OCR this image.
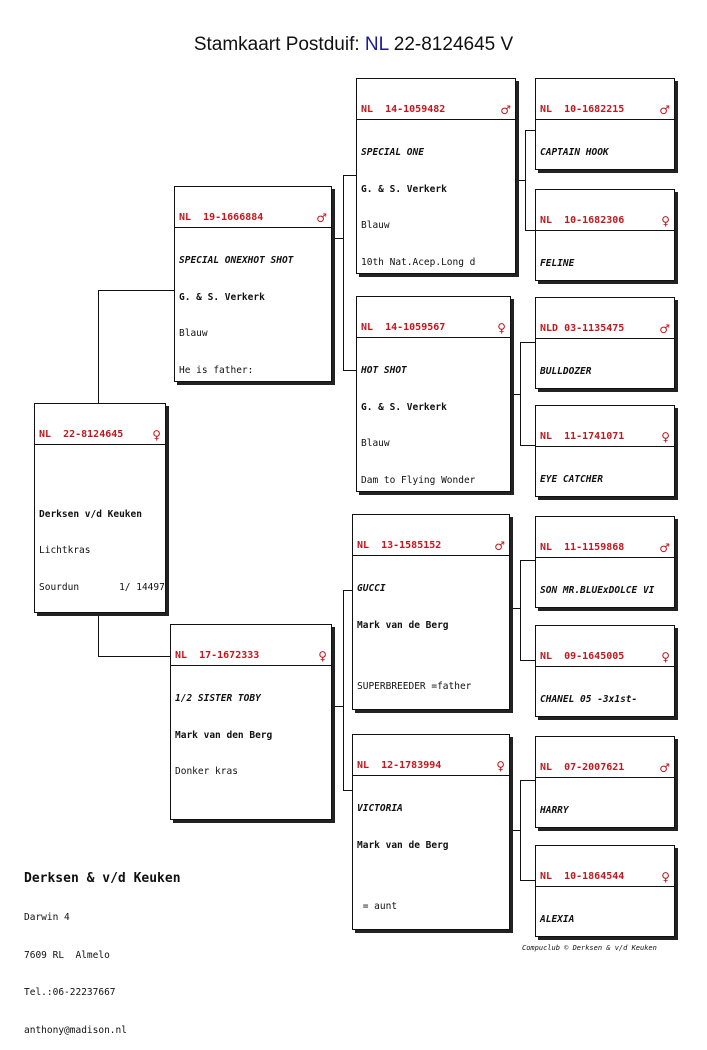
Stamkaart Postduif: NL 22-8124645 V

NL  22-8124645 ♀

Derksen v/d Keuken

Lichtkras

Sourdun       1/ 14497

NL  19-1666884	♂

SPECIAL ONEXHOT SHOT

G. & S. Verkerk

Blauw

He is father:

NL  17-1672333	♀

1/2 SISTER TOBY

Mark van den Berg

Donker kras

NL  14-1059482	♂

SPECIAL ONE

G. & S. Verkerk

Blauw

10th Nat.Acep.Long d

NL  14-1059567	♀

HOT SHOT

G. & S. Verkerk

Blauw

Dam to Flying Wonder

NL  13-1585152	♂

GUCCI

Mark van de Berg

SUPERBREEDER =father

NL  12-1783994	♀

VICTORIA

Mark van de Berg

= aunt

NL  10-1682215	♂

CAPTAIN HOOK

NL  10-1682306	♀

FELINE

NLD 03-1135475	♂

BULLDOZER

NL  11-1741071	♀

EYE CATCHER

NL  11-1159868	♂

SON MR.BLUExDOLCE VI

NL  09-1645005	♀

CHANEL 05 -3x1st-

NL  07-2007621	♂

HARRY

NL  10-1864544	♀

ALEXIA

Derksen & v/d Keuken

Darwin 4

7609 RL  Almelo

Tel.:06-22237667

anthony@madison.nl

Compuclub © Derksen & v/d Keuken
